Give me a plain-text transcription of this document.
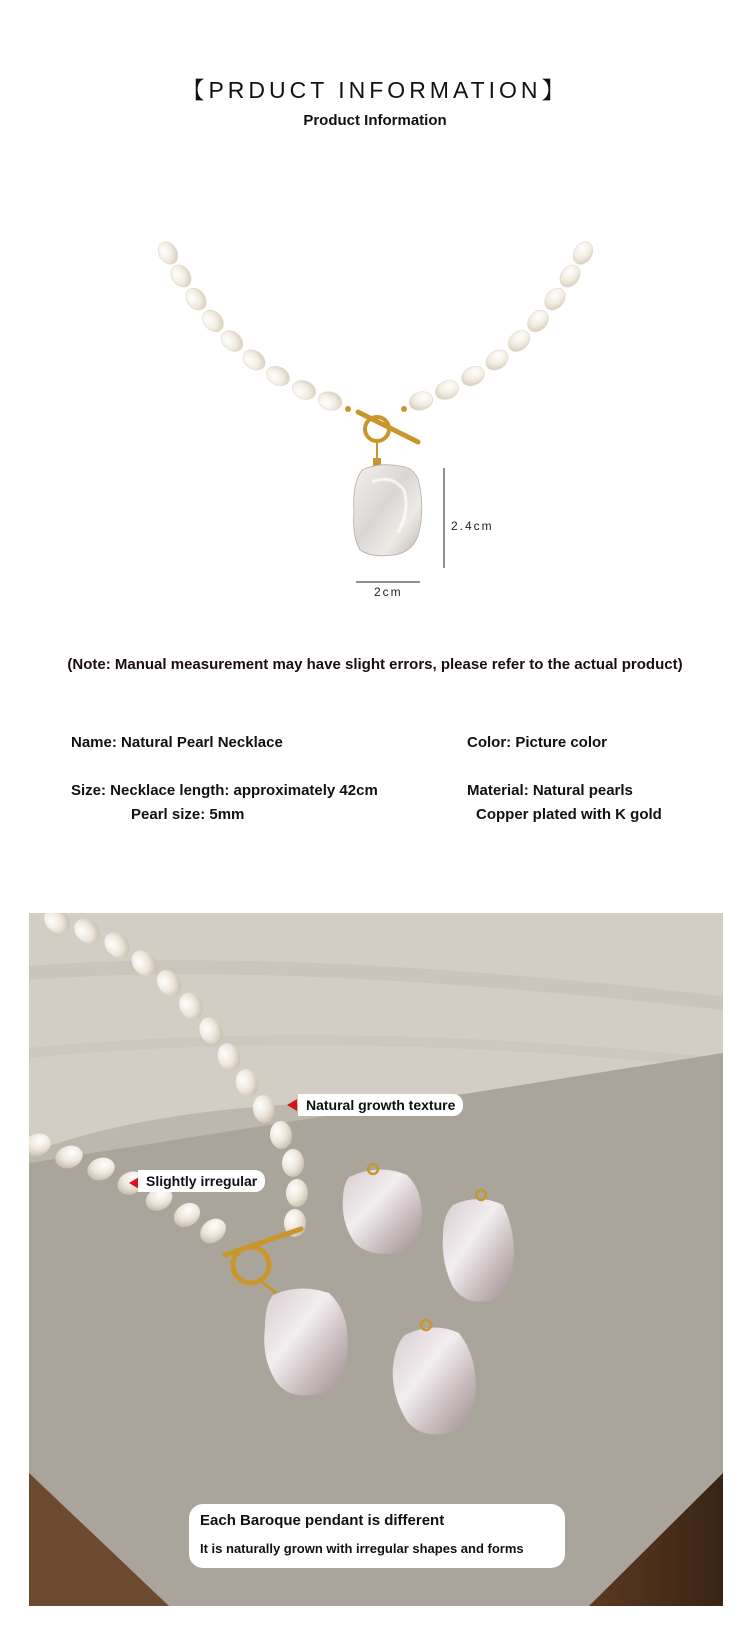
【PRDUCT INFORMATION】
Product Information
2.4cm
2cm
(Note: Manual measurement may have slight errors, please refer to the actual product)
Name: Natural Pearl Necklace	Color: Picture color
Size: Necklace length: approximately 42cm
Pearl size: 5mm
Material: Natural pearls
Copper plated with K gold
Natural growth texture
Slightly irregular
Each Baroque pendant is different
It is naturally grown with irregular shapes and forms
